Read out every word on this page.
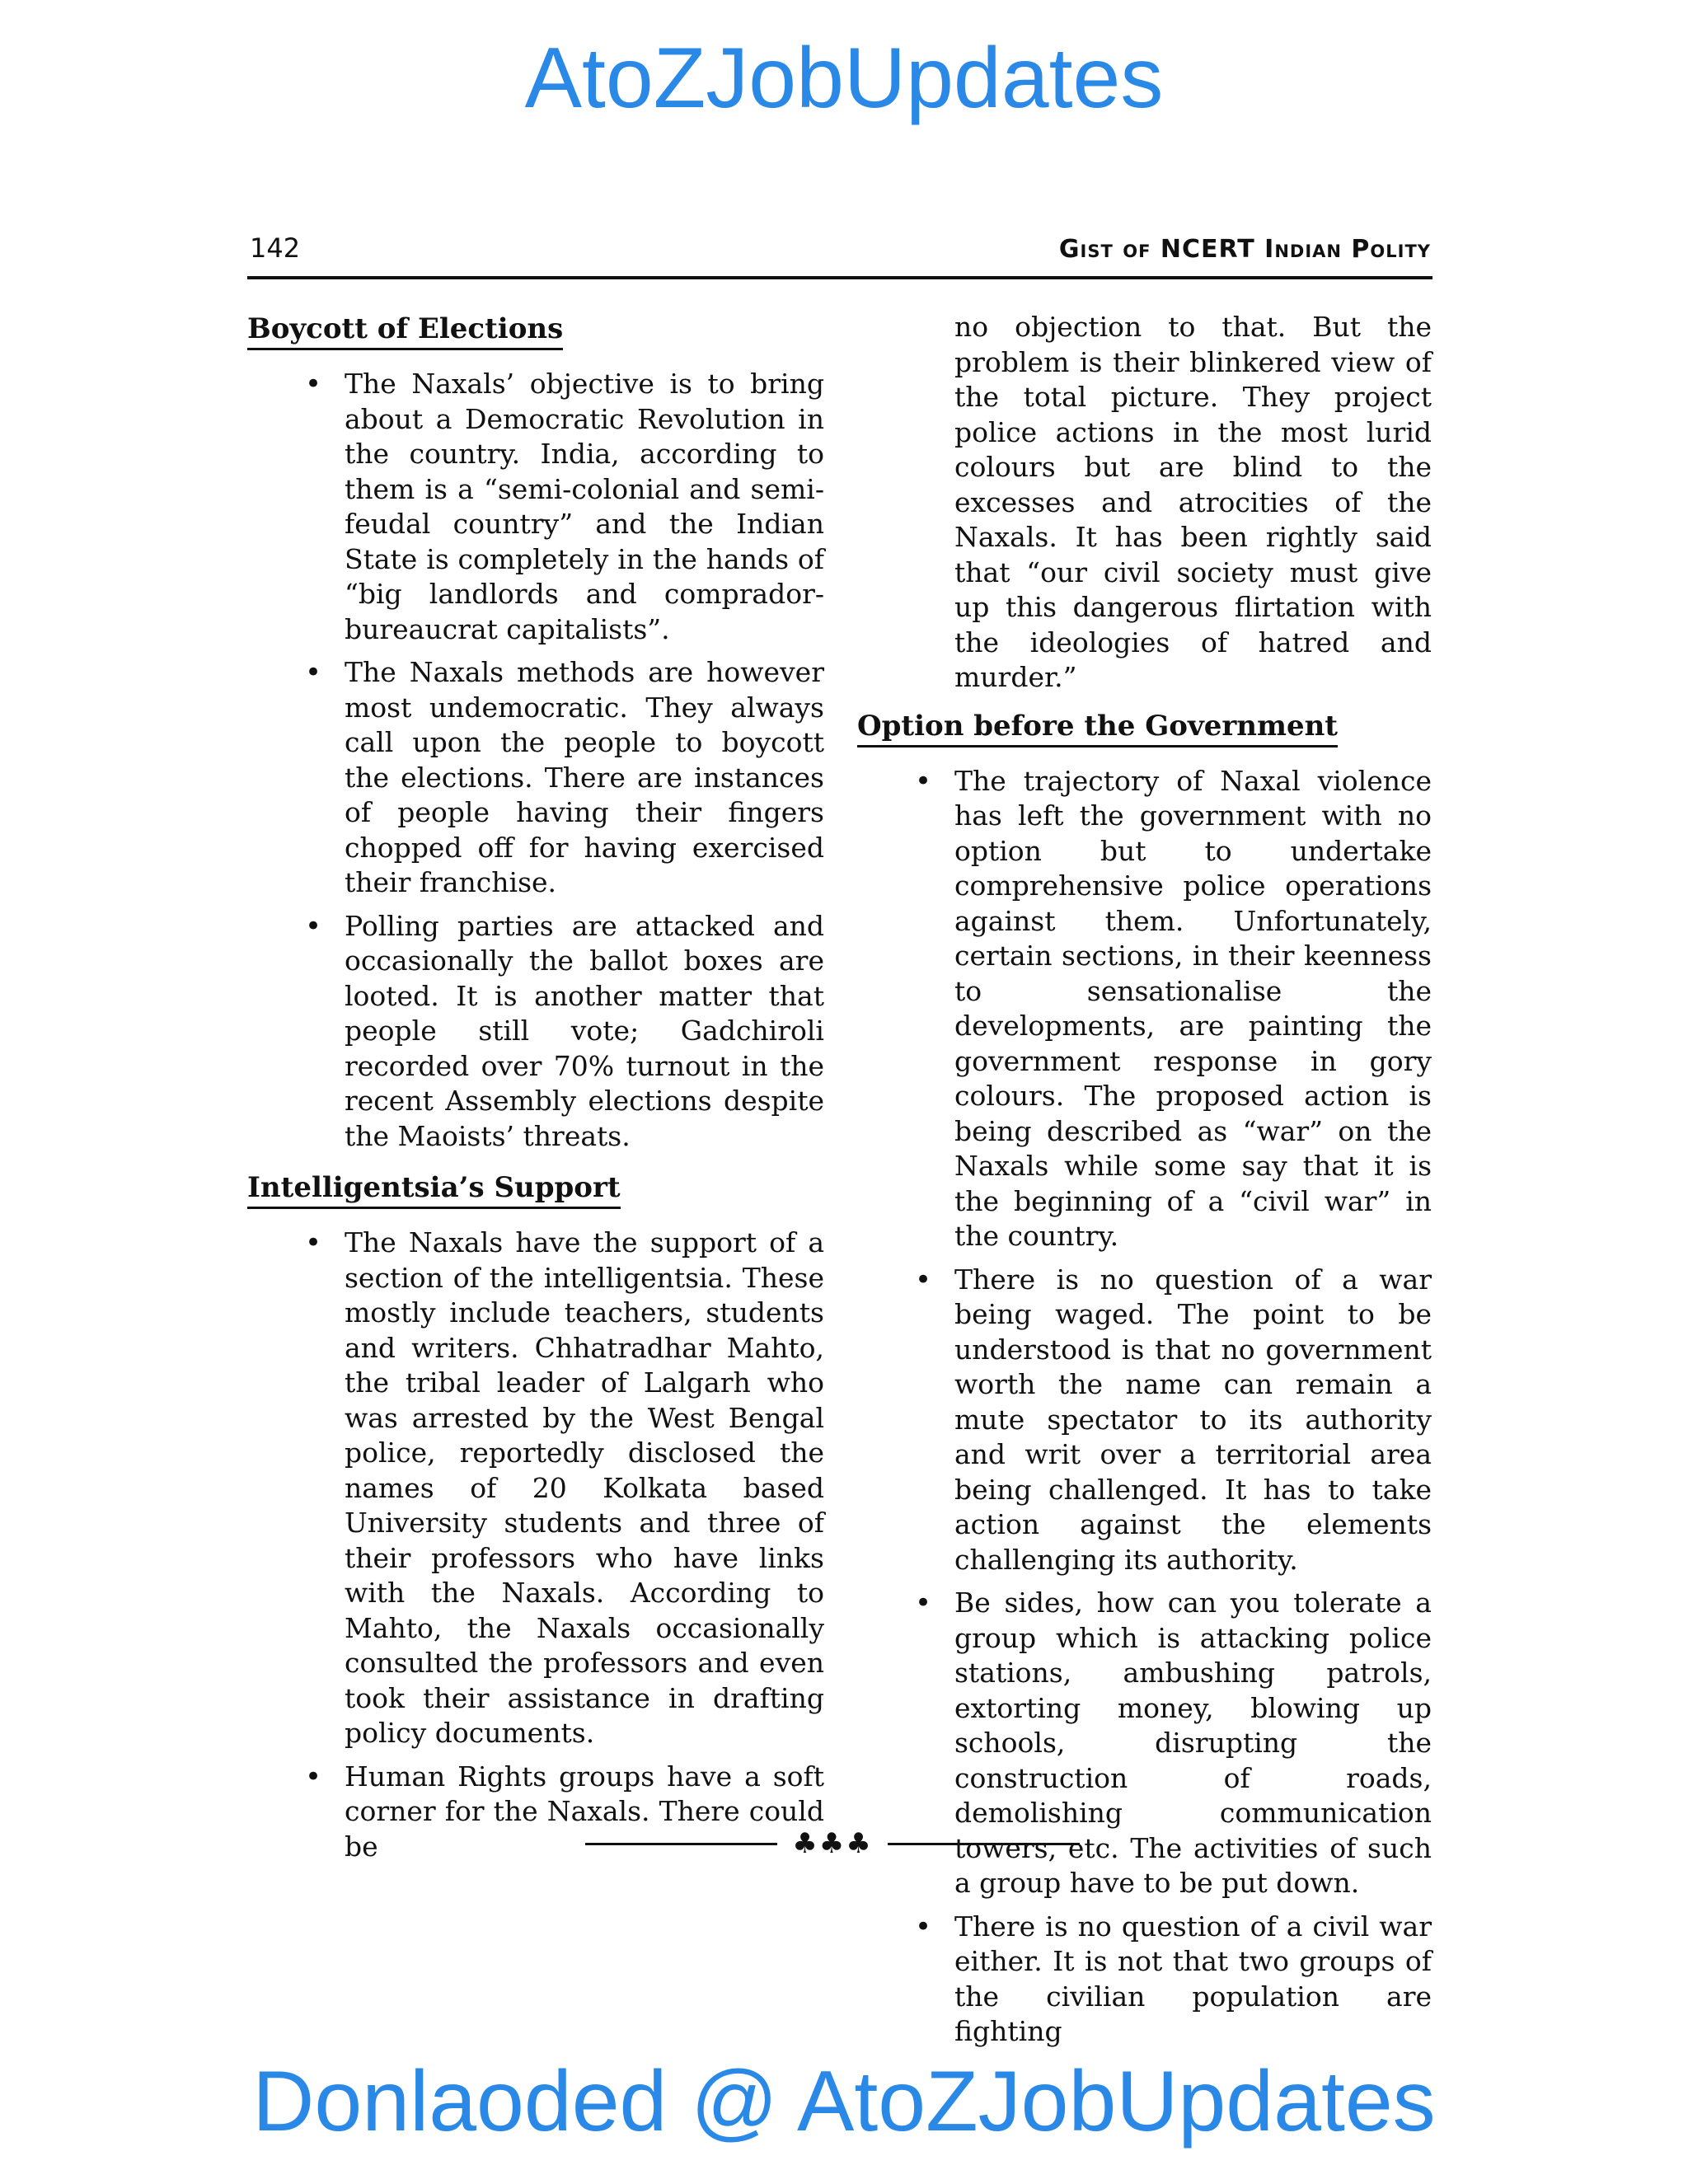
AtoZJobUpdates
142	Gist of NCERT Indian Polity
Boycott of Elections
• The Naxals’ objective is to bring about a Democratic Revolution in the country. India, according to them is a “semi-colonial and semi-feudal country” and the Indian State is completely in the hands of “big landlords and comprador-bureaucrat capitalists”.
• The Naxals methods are however most undemocratic. They always call upon the people to boycott the elections. There are instances of people having their fingers chopped off for having exercised their franchise.
• Polling parties are attacked and occasionally the ballot boxes are looted. It is another matter that people still vote; Gadchiroli recorded over 70% turnout in the recent Assembly elections despite the Maoists’ threats.
Intelligentsia’s Support
• The Naxals have the support of a section of the intelligentsia. These mostly include teachers, students and writers. Chhatradhar Mahto, the tribal leader of Lalgarh who was arrested by the West Bengal police, reportedly disclosed the names of 20 Kolkata based University students and three of their professors who have links with the Naxals. According to Mahto, the Naxals occasionally consulted the professors and even took their assistance in drafting policy documents.
• Human Rights groups have a soft corner for the Naxals. There could be

no objection to that. But the problem is their blinkered view of the total picture. They project police actions in the most lurid colours but are blind to the excesses and atrocities of the Naxals. It has been rightly said that “our civil society must give up this dangerous flirtation with the ideologies of hatred and murder.”

Option before the Government
• The trajectory of Naxal violence has left the government with no option but to undertake comprehensive police operations against them. Unfortunately, certain sections, in their keenness to sensationalise the developments, are painting the government response in gory colours. The proposed action is being described as “war” on the Naxals while some say that it is the beginning of a “civil war” in the country.
• There is no question of a war being waged. The point to be understood is that no government worth the name can remain a mute spectator to its authority and writ over a territorial area being challenged. It has to take action against the elements challenging its authority.
• Be sides, how can you tolerate a group which is attacking police stations, ambushing patrols, extorting money, blowing up schools, disrupting the construction of roads, demolishing communication towers, etc. The activities of such a group have to be put down.
• There is no question of a civil war either. It is not that two groups of the civilian population are fighting
♣♣♣
Donlaoded @ AtoZJobUpdates
